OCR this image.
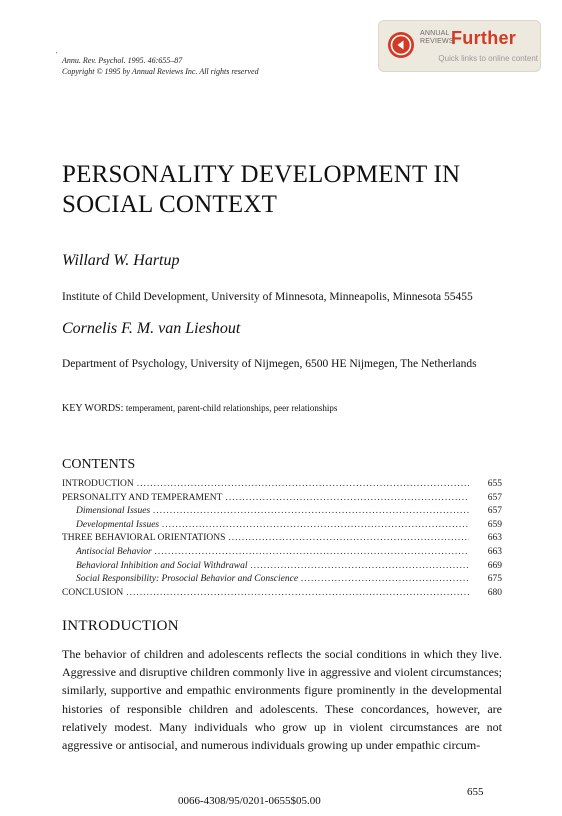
'
Annu. Rev. Psychol. 1995. 46:655–87
Copyright © 1995 by Annual Reviews Inc. All rights reserved
ANNUAL
REVIEWS
Further
Quick links to online content
PERSONALITY DEVELOPMENT IN
SOCIAL CONTEXT
Willard W. Hartup
Institute of Child Development, University of Minnesota, Minneapolis, Minnesota 55455
Cornelis F. M. van Lieshout
Department of Psychology, University of Nijmegen, 6500 HE Nijmegen, The Netherlands
KEY WORDS: temperament, parent-child relationships, peer relationships
CONTENTS
INTRODUCTION .....	655
PERSONALITY AND TEMPERAMENT .....	657
Dimensional Issues .....	657
Developmental Issues .....	659
THREE BEHAVIORAL ORIENTATIONS .....	663
Antisocial Behavior .....	663
Behavioral Inhibition and Social Withdrawal .....	669
Social Responsibility: Prosocial Behavior and Conscience .....	675
CONCLUSION .....	680
INTRODUCTION
The behavior of children and adolescents reflects the social conditions in which they live. Aggressive and disruptive children commonly live in aggressive and violent circumstances; similarly, supportive and empathic environments figure prominently in the developmental histories of responsible children and adolescents. These concordances, however, are relatively modest. Many individuals who grow up in violent circumstances are not aggressive or antisocial, and numerous individuals growing up under empathic circum-
0066-4308/95/0201-0655$05.00
655
